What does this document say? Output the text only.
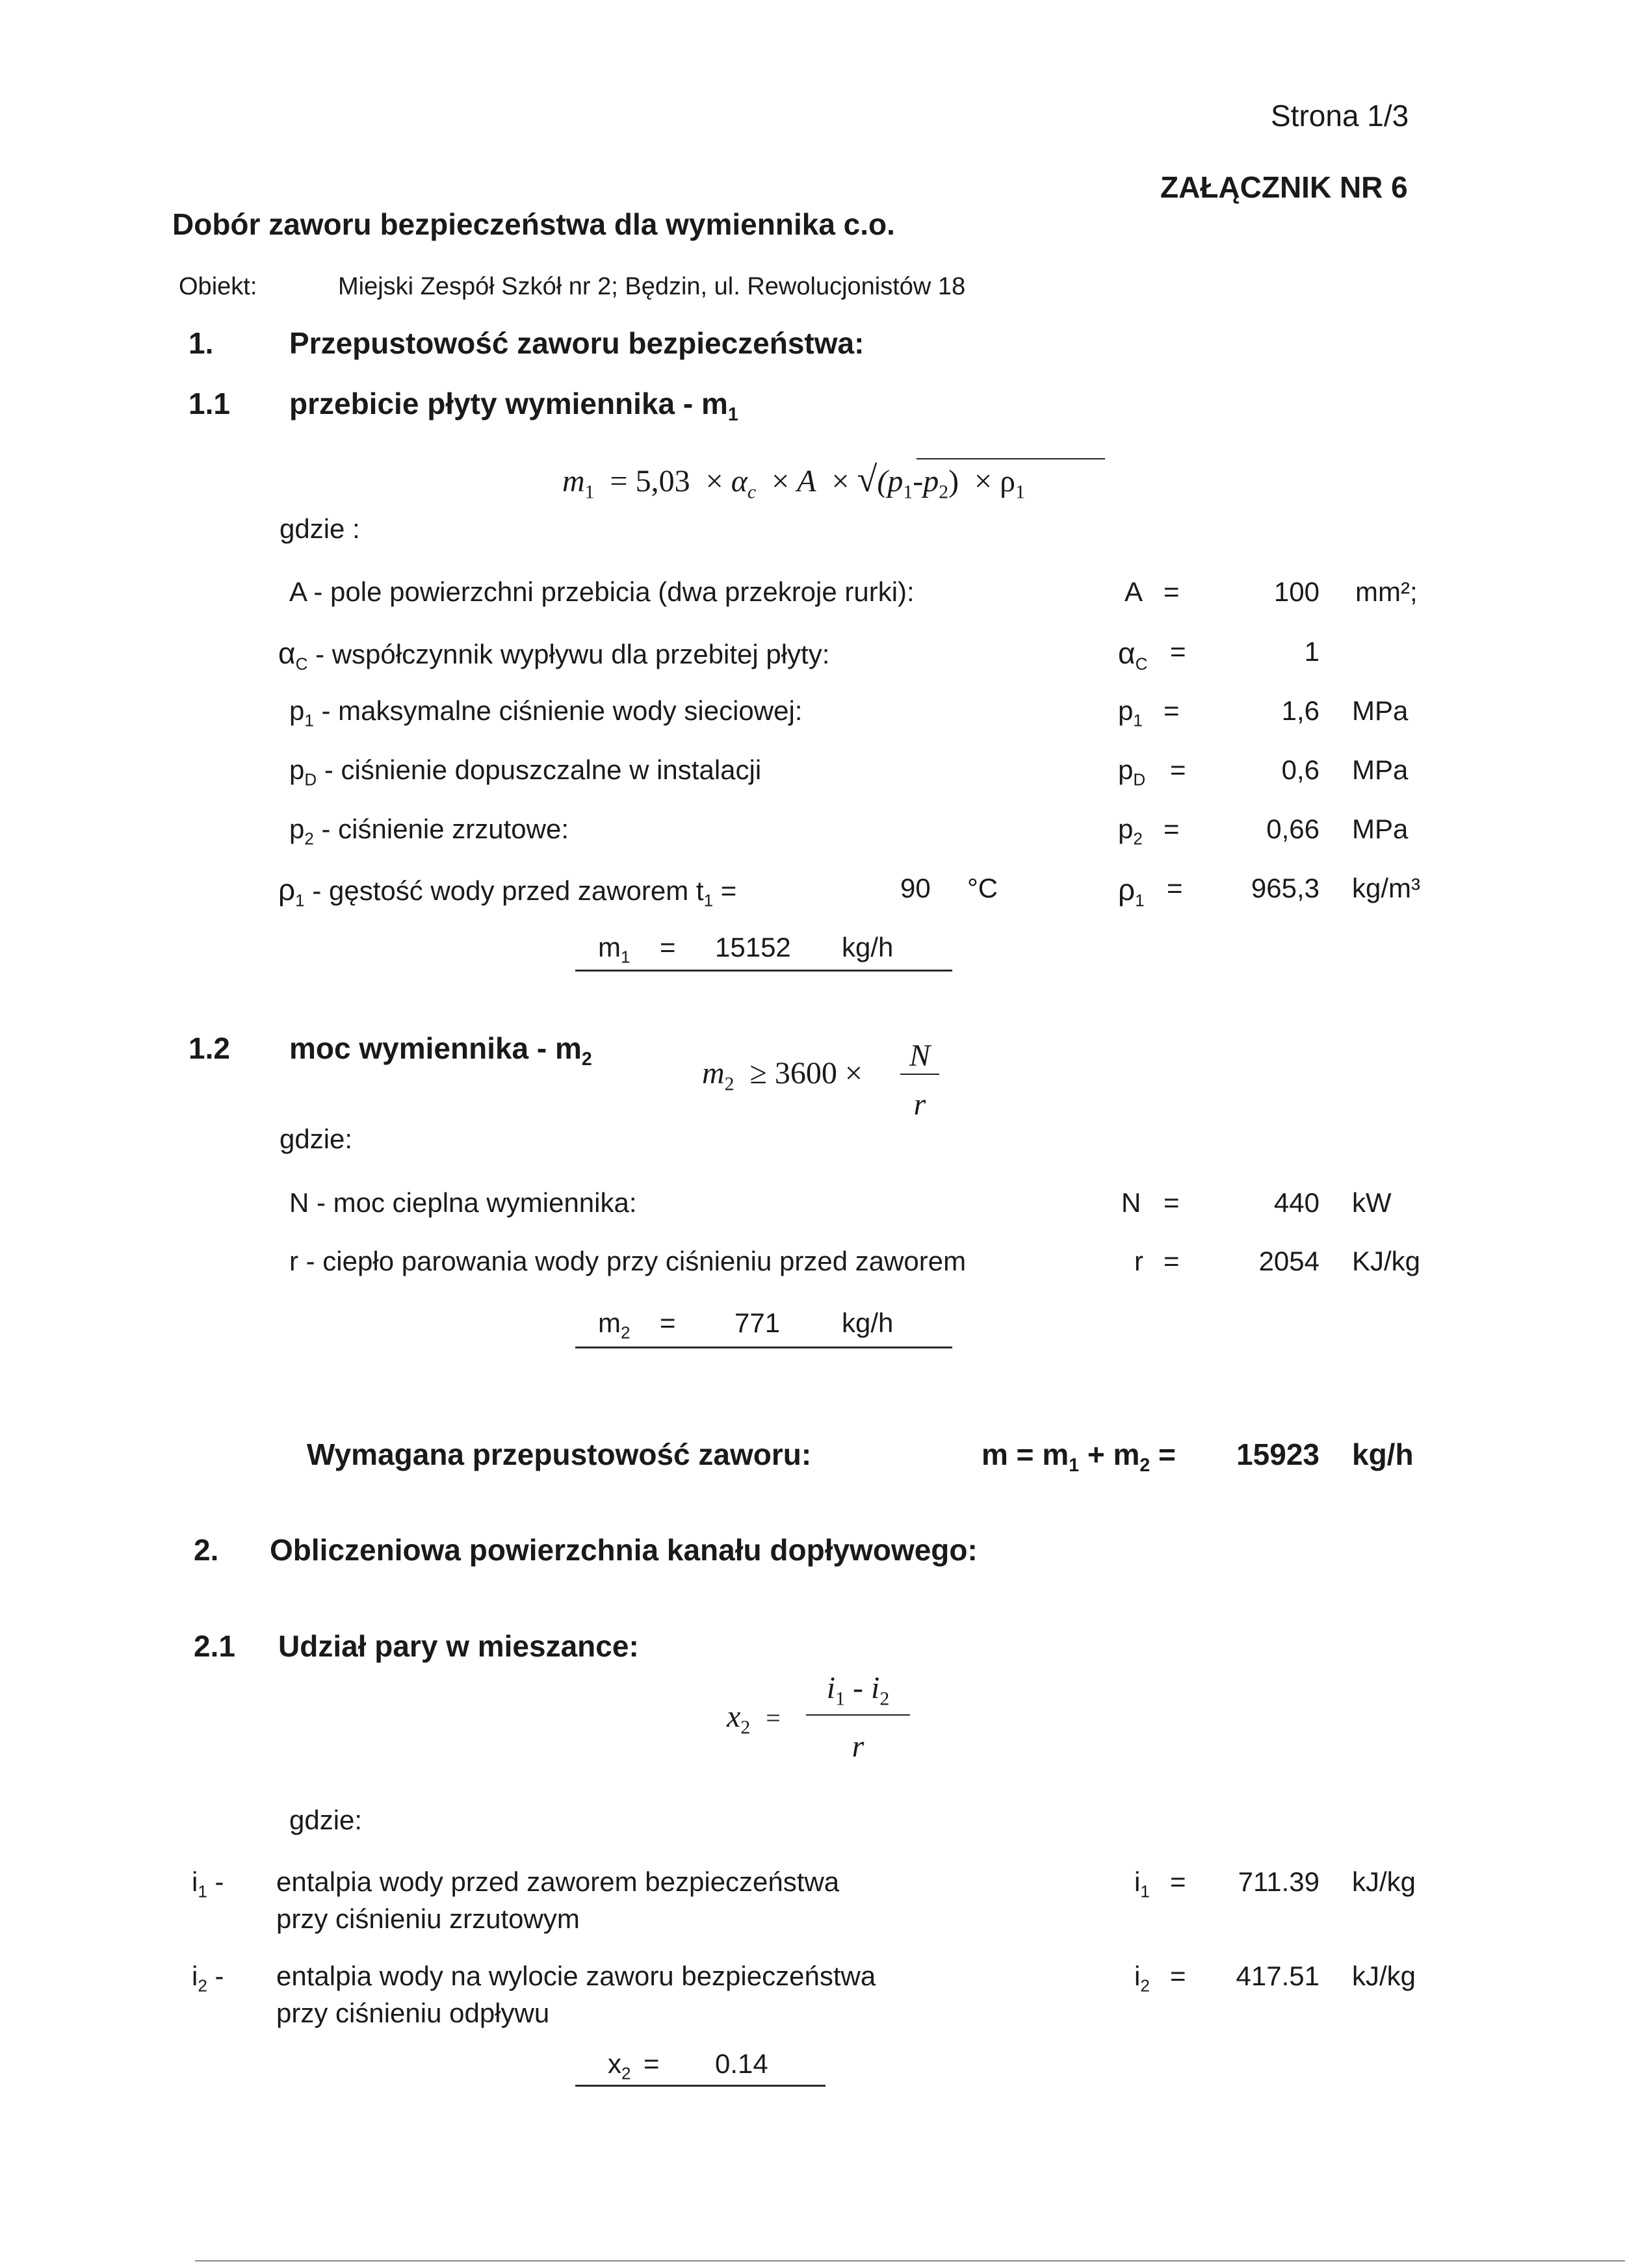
Strona 1/3
ZAŁĄCZNIK NR 6
Dobór zaworu bezpieczeństwa dla wymiennika c.o.
Obiekt:	Miejski Zespół Szkół nr 2; Będzin, ul. Rewolucjonistów 18
1.	Przepustowość zaworu bezpieczeństwa:
1.1 przebicie płyty wymiennika - $m_1$
$m_1 = 5,03 \times \alpha_c \times A \times √(p_1-p_2) \times \rho_1$
gdzie :
A - pole powierzchni przebicia (dwa przekroje rurki):	A =	100 mm²;
$\alpha_C$ - współczynnik wypływu dla przebitej płyty:	$\alpha_C$ =	1
$p_1$ - maksymalne ciśnienie wody sieciowej:	$p_1$ =	1,6 MPa
$p_D$ - ciśnienie dopuszczalne w instalacji	$p_D$ =	0,6 MPa
$p_2$ - ciśnienie zrzutowe:	$p_2$ =	0,66 MPa
$\rho_1$ - gęstość wody przed zaworem $t_1$ =	90 °C	$\rho_1$ =	965,3 kg/m³
$m_1 = 15152$ kg/h
1.2 moc wymiennika - $m_2$	$m_2 \ge 3600$ ×
N
r
gdzie:
N - moc cieplna wymiennika:	N =	440 kW
r - ciepło parowania wody przy ciśnieniu przed zaworem	r =	2054 KJ/kg
$m_2 = 771$ kg/h
Wymagana przepustowość zaworu:	$m = m_1 + m_2$ =	15923 kg/h
2. Obliczeniowa powierzchnia kanału dopływowego:
2.1 Udział pary w mieszance:
$x_2$ =
$i_1 - i_2$
r
gdzie:
$i_1$ - entalpia wody przed zaworem bezpieczeństwa
przy ciśnieniu zrzutowym
$i_1$ =	711.39 kJ/kg
$i_2$ - entalpia wody na wylocie zaworu bezpieczeństwa
przy ciśnieniu odpływu
$i_2$ =	417.51 kJ/kg
$x_2 = 0.14$
